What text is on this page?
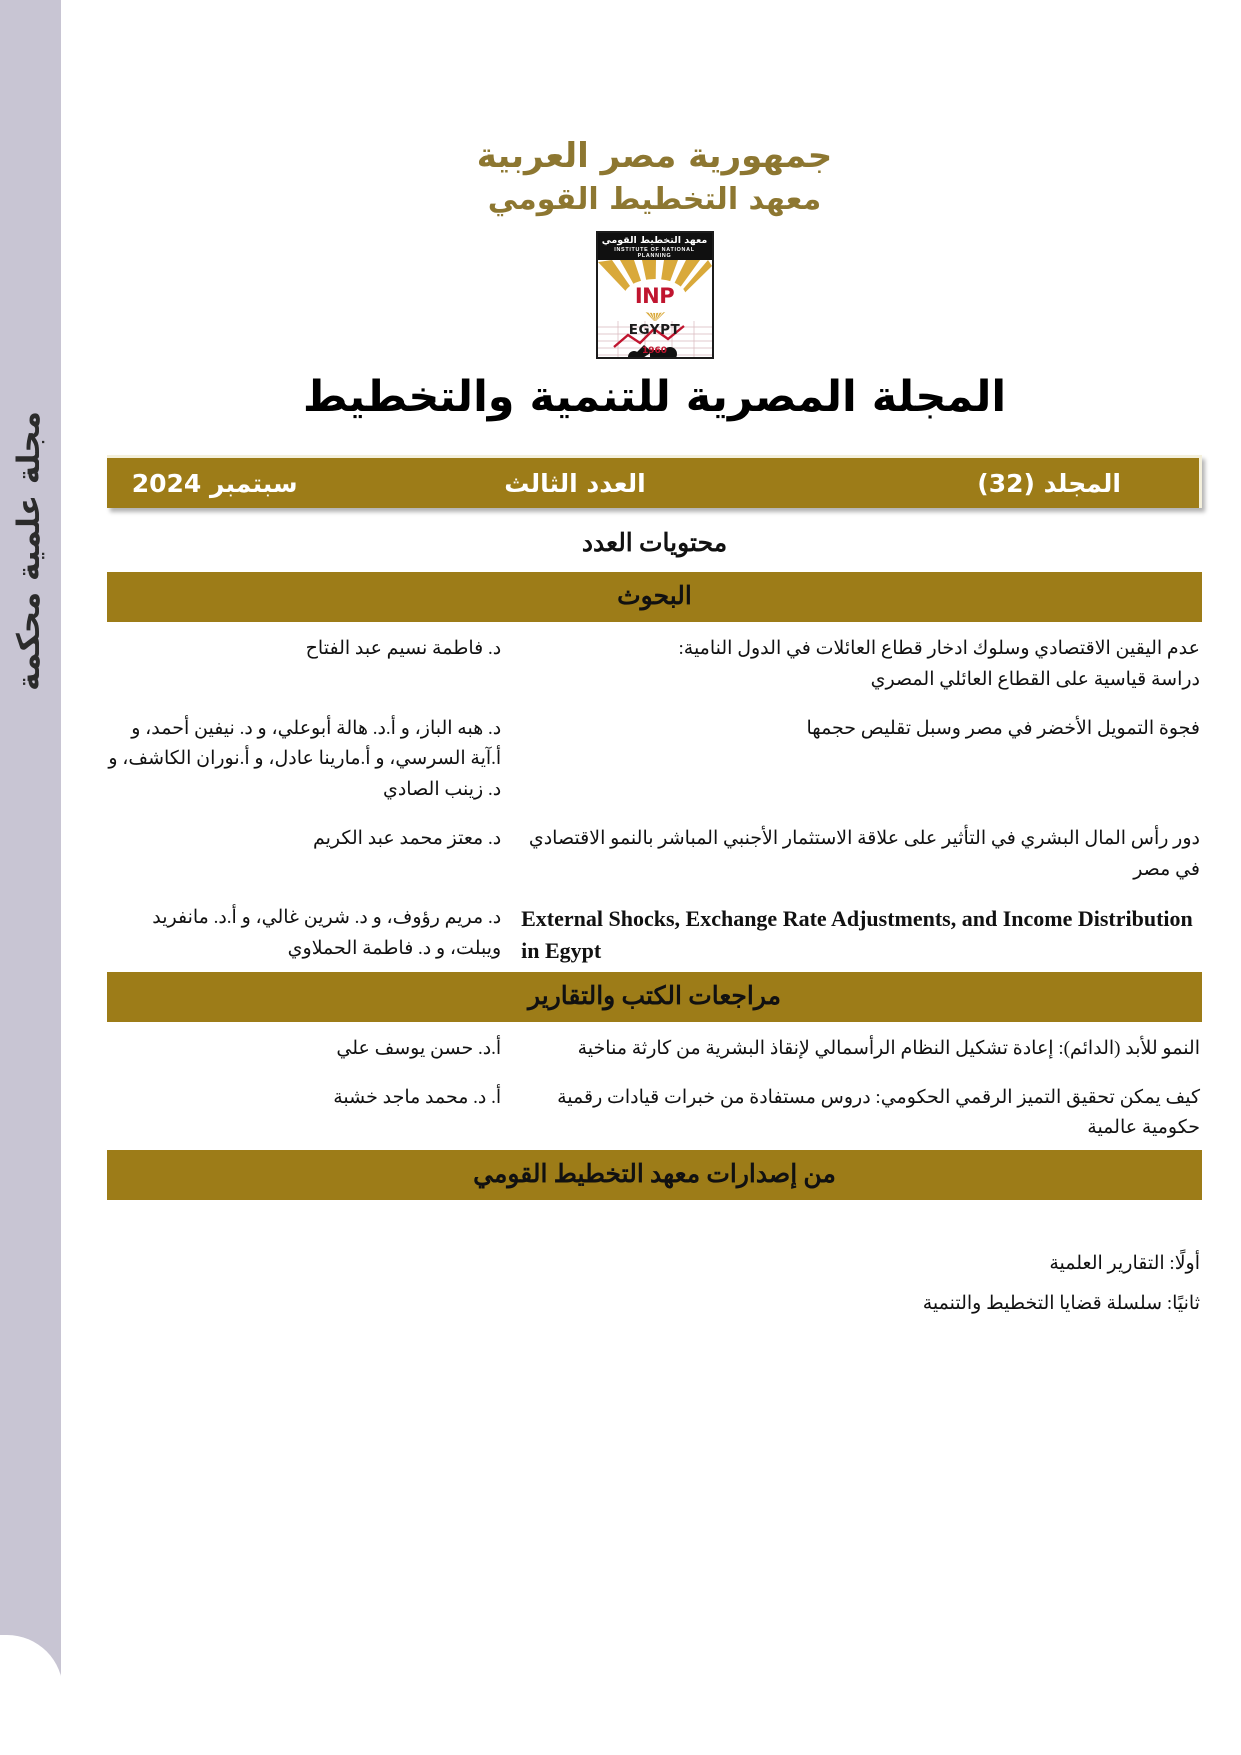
مجلة علمية محكمة
جمهورية مصر العربية
معهد التخطيط القومي
معهد التخطيط القومي
INSTITUTE OF NATIONAL PLANNING
INP
EGYPT
1960
المجلة المصرية للتنمية والتخطيط
المجلد (32)
العدد الثالث
سبتمبر 2024
محتويات العدد
البحوث
عدم اليقين الاقتصادي وسلوك ادخار قطاع العائلات في الدول النامية:
دراسة قياسية على القطاع العائلي المصري
د. فاطمة نسيم عبد الفتاح
فجوة التمويل الأخضر في مصر وسبل تقليص حجمها
د. هبه الباز، و أ.د. هالة أبوعلي، و د. نيفين أحمد، و أ.آية السرسي، و أ.مارينا عادل، و أ.نوران الكاشف، و د. زينب الصادي
دور رأس المال البشري في التأثير على علاقة الاستثمار الأجنبي المباشر بالنمو الاقتصادي في مصر
د. معتز محمد عبد الكريم
External Shocks, Exchange Rate Adjustments, and Income Distribution in Egypt
د. مريم رؤوف، و د. شرين غالي، و أ.د. مانفريد ويبلت، و د. فاطمة الحملاوي
مراجعات الكتب والتقارير
النمو للأبد (الدائم): إعادة تشكيل النظام الرأسمالي لإنقاذ البشرية من كارثة مناخية
أ.د. حسن يوسف علي
كيف يمكن تحقيق التميز الرقمي الحكومي: دروس مستفادة من خبرات قيادات رقمية حكومية عالمية
أ. د. محمد ماجد خشبة
من إصدارات معهد التخطيط القومي
أولًا: التقارير العلمية
ثانيًا: سلسلة قضايا التخطيط والتنمية
